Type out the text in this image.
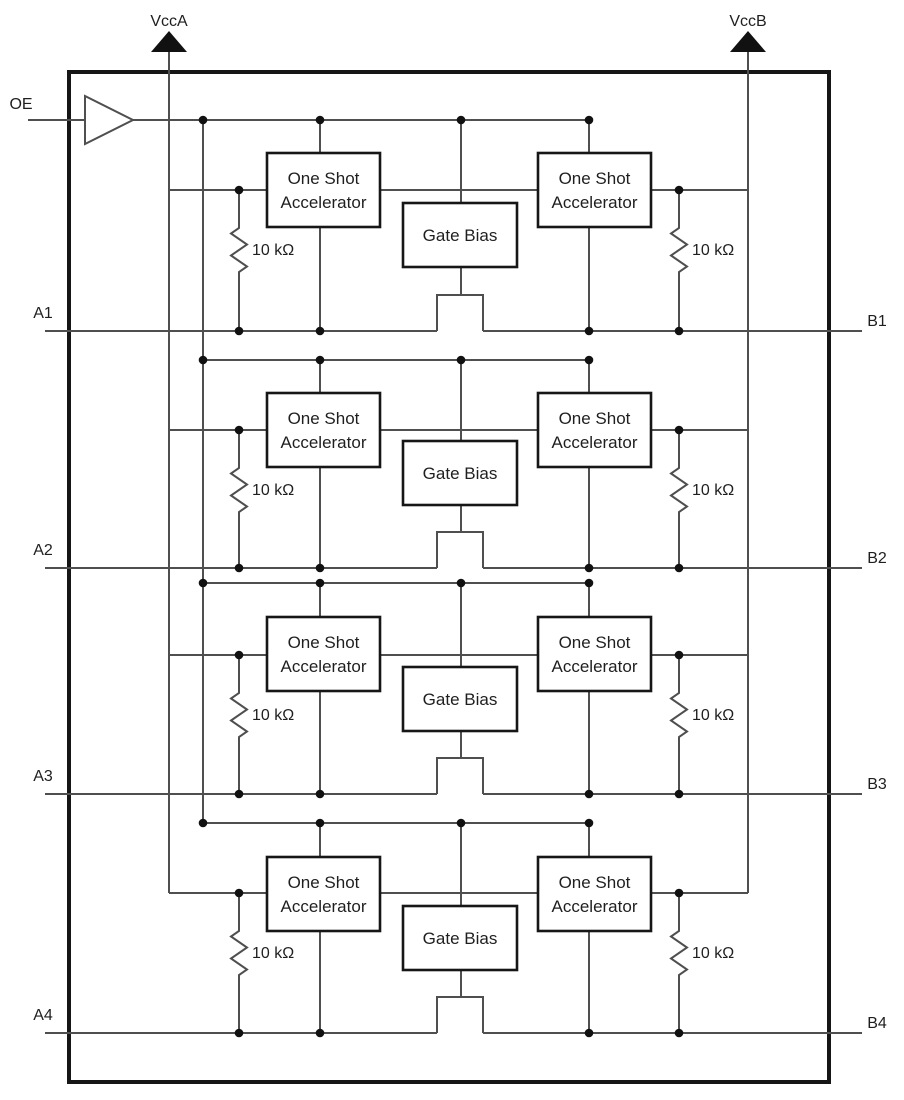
VccA	VccB
OE
One Shot
Accelerator
One Shot
Accelerator
Gate Bias
10 kΩ	10 kΩ
A1	B1
One Shot
Accelerator
One Shot
Accelerator
Gate Bias
10 kΩ	10 kΩ
A2	B2
One Shot
Accelerator
One Shot
Accelerator
Gate Bias
10 kΩ	10 kΩ
A3	B3
One Shot
Accelerator
One Shot
Accelerator
Gate Bias
10 kΩ	10 kΩ
A4	B4
